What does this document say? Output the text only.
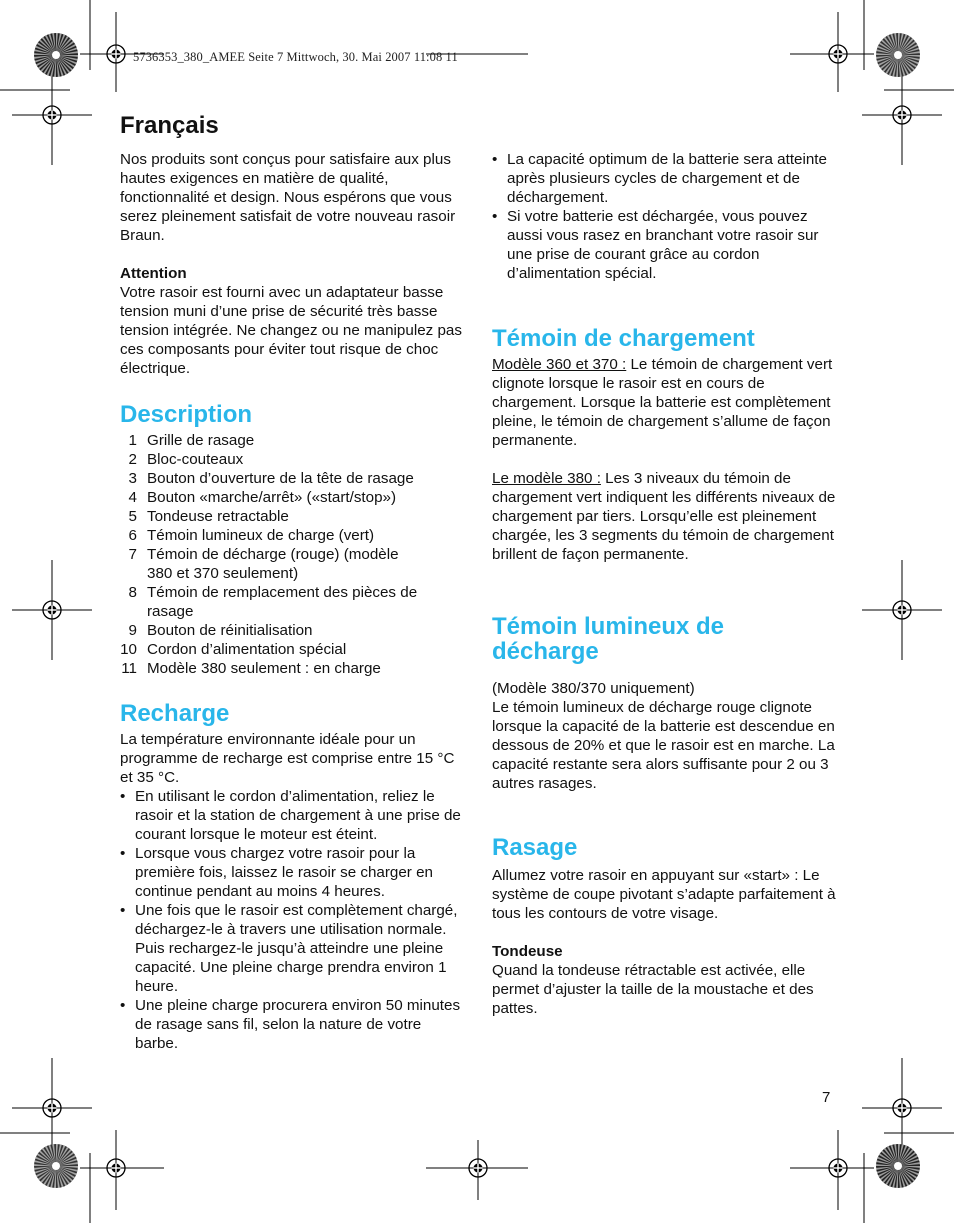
5736353_380_AMEE Seite 7 Mittwoch, 30. Mai 2007 11:08 11
Français

Nos produits sont conçus pour satisfaire aux plus hautes exigences en matière de qualité, fonctionnalité et design. Nous espérons que vous serez pleinement satisfait de votre nouveau rasoir Braun.

Attention

Votre rasoir est fourni avec un adaptateur basse tension muni d’une prise de sécurité très basse tension intégrée. Ne changez ou ne manipulez pas ces composants pour éviter tout risque de choc électrique.

Description
1 Grille de rasage
2 Bloc-couteaux
3 Bouton d’ouverture de la tête de rasage
4 Bouton «marche/arrêt» («start/stop»)
5 Tondeuse retractable
6 Témoin lumineux de charge (vert)
7 Témoin de décharge (rouge) (modèle 380 et 370 seulement)
8 Témoin de remplacement des pièces de rasage
9 Bouton de réinitialisation
10 Cordon d’alimentation spécial
11 Modèle 380 seulement : en charge
Recharge

La température environnante idéale pour un programme de recharge est comprise entre 15 °C et 35 °C.

• En utilisant le cordon d’alimentation, reliez le rasoir et la station de chargement à une prise de courant lorsque le moteur est éteint.
• Lorsque vous chargez votre rasoir pour la première fois, laissez le rasoir se charger en continue pendant au moins 4 heures.
• Une fois que le rasoir est complètement chargé, déchargez-le à travers une utilisation normale. Puis rechargez-le jusqu’à atteindre une pleine capacité. Une pleine charge prendra environ 1 heure.
• Une pleine charge procurera environ 50 minutes de rasage sans fil, selon la nature de votre barbe.
• La capacité optimum de la batterie sera atteinte après plusieurs cycles de chargement et de déchargement.
• Si votre batterie est déchargée, vous pouvez aussi vous rasez en branchant votre rasoir sur une prise de courant grâce au cordon d’alimentation spécial.
Témoin de chargement

Modèle 360 et 370 : Le témoin de chargement vert clignote lorsque le rasoir est en cours de chargement. Lorsque la batterie est complètement pleine, le témoin de chargement s’allume de façon permanente.

Le modèle 380 : Les 3 niveaux du témoin de chargement vert indiquent les différents niveaux de chargement par tiers. Lorsqu’elle est pleinement chargée, les 3 segments du témoin de chargement brillent de façon permanente.

Témoin lumineux de décharge

(Modèle 380/370 uniquement)

Le témoin lumineux de décharge rouge clignote lorsque la capacité de la batterie est descendue en dessous de 20% et que le rasoir est en marche. La capacité restante sera alors suffisante pour 2 ou 3 autres rasages.

Rasage

Allumez votre rasoir en appuyant sur «start» : Le système de coupe pivotant s’adapte parfaitement à tous les contours de votre visage.

Tondeuse

Quand la tondeuse rétractable est activée, elle permet d’ajuster la taille de la moustache et des pattes.

7
